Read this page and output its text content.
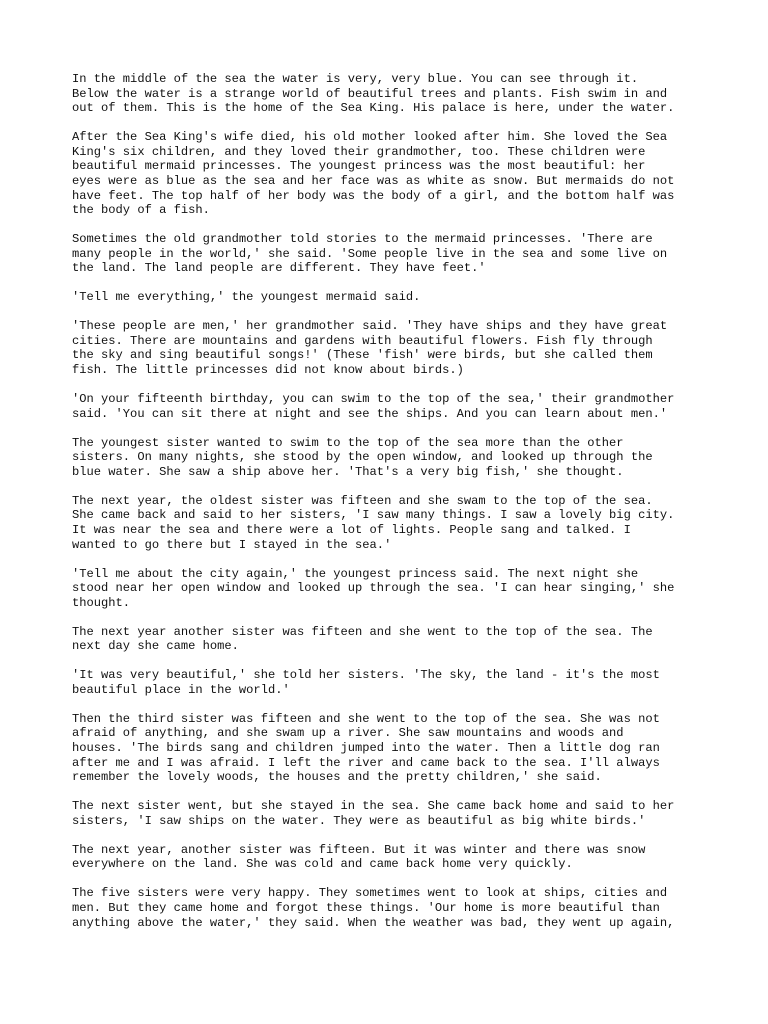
In the middle of the sea the water is very, very blue. You can see through it.
Below the water is a strange world of beautiful trees and plants. Fish swim in and
out of them. This is the home of the Sea King. His palace is here, under the water.

After the Sea King's wife died, his old mother looked after him. She loved the Sea
King's six children, and they loved their grandmother, too. These children were
beautiful mermaid princesses. The youngest princess was the most beautiful: her
eyes were as blue as the sea and her face was as white as snow. But mermaids do not
have feet. The top half of her body was the body of a girl, and the bottom half was
the body of a fish.

Sometimes the old grandmother told stories to the mermaid princesses. 'There are
many people in the world,' she said. 'Some people live in the sea and some live on
the land. The land people are different. They have feet.'

'Tell me everything,' the youngest mermaid said.

'These people are men,' her grandmother said. 'They have ships and they have great
cities. There are mountains and gardens with beautiful flowers. Fish fly through
the sky and sing beautiful songs!' (These 'fish' were birds, but she called them
fish. The little princesses did not know about birds.)

'On your fifteenth birthday, you can swim to the top of the sea,' their grandmother
said. 'You can sit there at night and see the ships. And you can learn about men.'

The youngest sister wanted to swim to the top of the sea more than the other
sisters. On many nights, she stood by the open window, and looked up through the
blue water. She saw a ship above her. 'That's a very big fish,' she thought.

The next year, the oldest sister was fifteen and she swam to the top of the sea.
She came back and said to her sisters, 'I saw many things. I saw a lovely big city.
It was near the sea and there were a lot of lights. People sang and talked. I
wanted to go there but I stayed in the sea.'

'Tell me about the city again,' the youngest princess said. The next night she
stood near her open window and looked up through the sea. 'I can hear singing,' she
thought.

The next year another sister was fifteen and she went to the top of the sea. The
next day she came home.

'It was very beautiful,' she told her sisters. 'The sky, the land - it's the most
beautiful place in the world.'

Then the third sister was fifteen and she went to the top of the sea. She was not
afraid of anything, and she swam up a river. She saw mountains and woods and
houses. 'The birds sang and children jumped into the water. Then a little dog ran
after me and I was afraid. I left the river and came back to the sea. I'll always
remember the lovely woods, the houses and the pretty children,' she said.

The next sister went, but she stayed in the sea. She came back home and said to her
sisters, 'I saw ships on the water. They were as beautiful as big white birds.'

The next year, another sister was fifteen. But it was winter and there was snow
everywhere on the land. She was cold and came back home very quickly.

The five sisters were very happy. They sometimes went to look at ships, cities and
men. But they came home and forgot these things. 'Our home is more beautiful than
anything above the water,' they said. When the weather was bad, they went up again,
